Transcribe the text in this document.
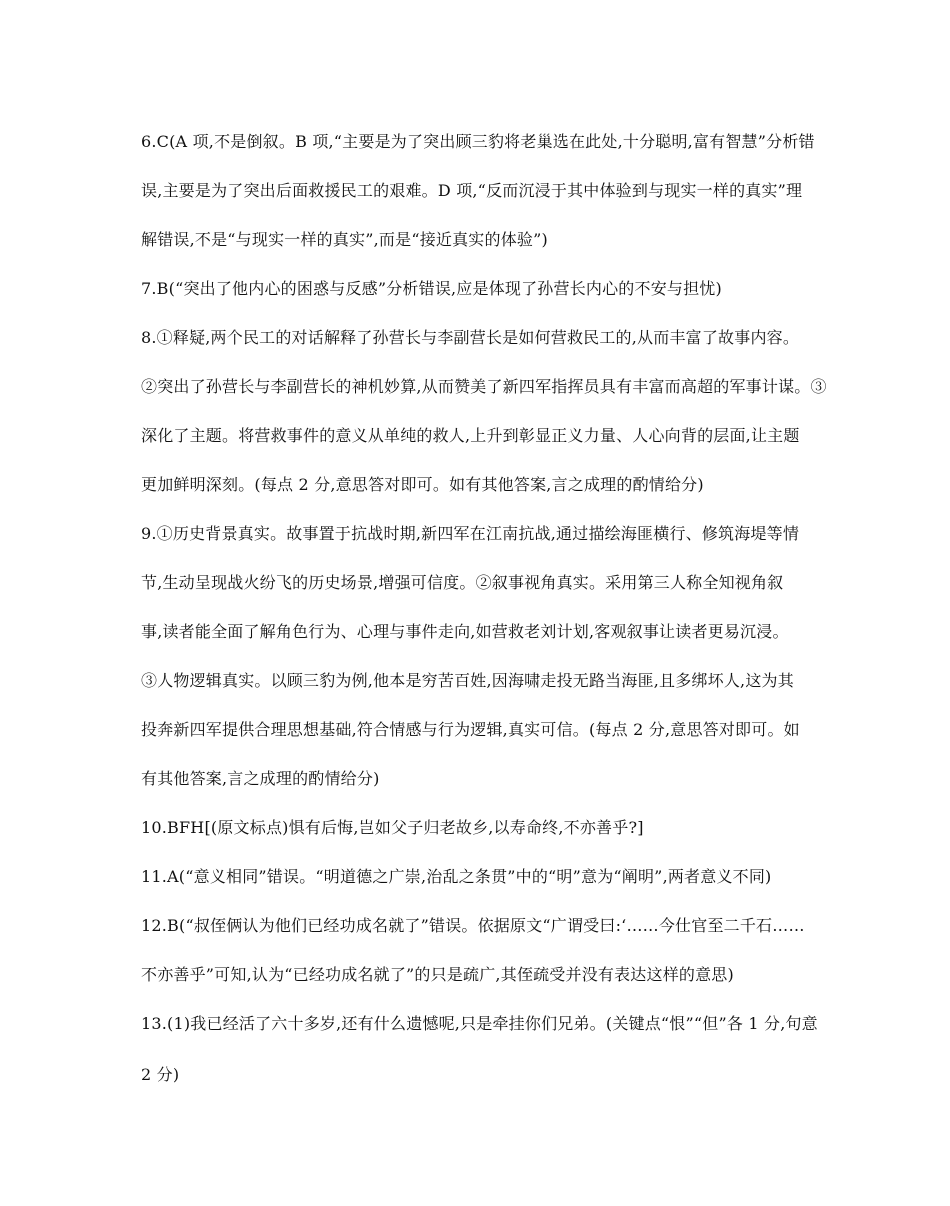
6.C(A 项,不是倒叙。B 项,“主要是为了突出顾三豹将老巢选在此处,十分聪明,富有智慧”分析错
误,主要是为了突出后面救援民工的艰难。D 项,“反而沉浸于其中体验到与现实一样的真实”理
解错误,不是“与现实一样的真实”,而是“接近真实的体验”)
7.B(“突出了他内心的困惑与反感”分析错误,应是体现了孙营长内心的不安与担忧)
8.①释疑,两个民工的对话解释了孙营长与李副营长是如何营救民工的,从而丰富了故事内容。
②突出了孙营长与李副营长的神机妙算,从而赞美了新四军指挥员具有丰富而高超的军事计谋。③
深化了主题。将营救事件的意义从单纯的救人,上升到彰显正义力量、人心向背的层面,让主题
更加鲜明深刻。(每点 2 分,意思答对即可。如有其他答案,言之成理的酌情给分)
9.①历史背景真实。故事置于抗战时期,新四军在江南抗战,通过描绘海匪横行、修筑海堤等情
节,生动呈现战火纷飞的历史场景,增强可信度。②叙事视角真实。采用第三人称全知视角叙
事,读者能全面了解角色行为、心理与事件走向,如营救老刘计划,客观叙事让读者更易沉浸。
③人物逻辑真实。以顾三豹为例,他本是穷苦百姓,因海啸走投无路当海匪,且多绑坏人,这为其
投奔新四军提供合理思想基础,符合情感与行为逻辑,真实可信。(每点 2 分,意思答对即可。如
有其他答案,言之成理的酌情给分)
10.BFH[(原文标点)惧有后悔,岂如父子归老故乡,以寿命终,不亦善乎?]
11.A(“意义相同”错误。“明道德之广崇,治乱之条贯”中的“明”意为“阐明”,两者意义不同)
12.B(“叔侄俩认为他们已经功成名就了”错误。依据原文“广谓受曰:‘……今仕官至二千石……
不亦善乎”可知,认为“已经功成名就了”的只是疏广,其侄疏受并没有表达这样的意思)
13.(1)我已经活了六十多岁,还有什么遗憾呢,只是牵挂你们兄弟。(关键点“恨”“但”各 1 分,句意
2 分)
